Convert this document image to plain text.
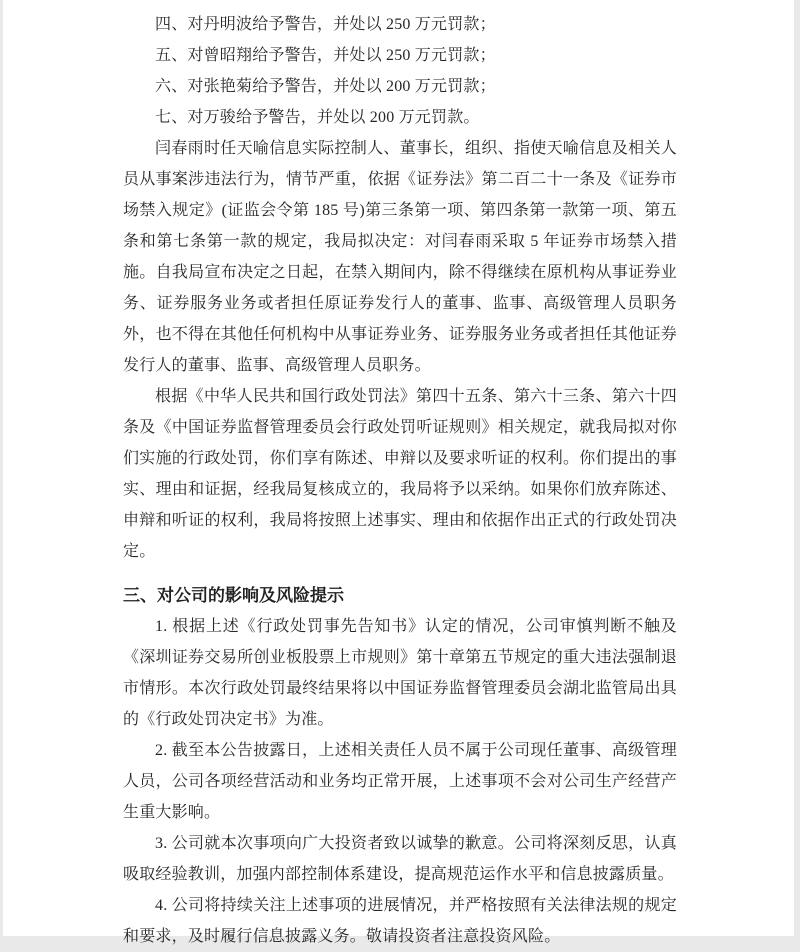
四、对丹明波给予警告，并处以 250 万元罚款；

五、对曾昭翔给予警告，并处以 250 万元罚款；

六、对张艳菊给予警告，并处以 200 万元罚款；

七、对万骏给予警告，并处以 200 万元罚款。

闫春雨时任天喻信息实际控制人、董事长，组织、指使天喻信息及相关人员从事案涉违法行为，情节严重，依据《证券法》第二百二十一条及《证券市场禁入规定》(证监会令第 185 号)第三条第一项、第四条第一款第一项、第五条和第七条第一款的规定，我局拟决定：对闫春雨采取 5 年证券市场禁入措施。自我局宣布决定之日起，在禁入期间内，除不得继续在原机构从事证券业务、证券服务业务或者担任原证券发行人的董事、监事、高级管理人员职务外，也不得在其他任何机构中从事证券业务、证券服务业务或者担任其他证券发行人的董事、监事、高级管理人员职务。

根据《中华人民共和国行政处罚法》第四十五条、第六十三条、第六十四条及《中国证券监督管理委员会行政处罚听证规则》相关规定，就我局拟对你们实施的行政处罚，你们享有陈述、申辩以及要求听证的权利。你们提出的事实、理由和证据，经我局复核成立的，我局将予以采纳。如果你们放弃陈述、申辩和听证的权利，我局将按照上述事实、理由和依据作出正式的行政处罚决定。

三、对公司的影响及风险提示

1. 根据上述《行政处罚事先告知书》认定的情况，公司审慎判断不触及《深圳证券交易所创业板股票上市规则》第十章第五节规定的重大违法强制退市情形。本次行政处罚最终结果将以中国证券监督管理委员会湖北监管局出具的《行政处罚决定书》为准。

2. 截至本公告披露日，上述相关责任人员不属于公司现任董事、高级管理人员，公司各项经营活动和业务均正常开展，上述事项不会对公司生产经营产生重大影响。

3. 公司就本次事项向广大投资者致以诚挚的歉意。公司将深刻反思，认真吸取经验教训，加强内部控制体系建设，提高规范运作水平和信息披露质量。

4. 公司将持续关注上述事项的进展情况，并严格按照有关法律法规的规定和要求，及时履行信息披露义务。敬请投资者注意投资风险。
